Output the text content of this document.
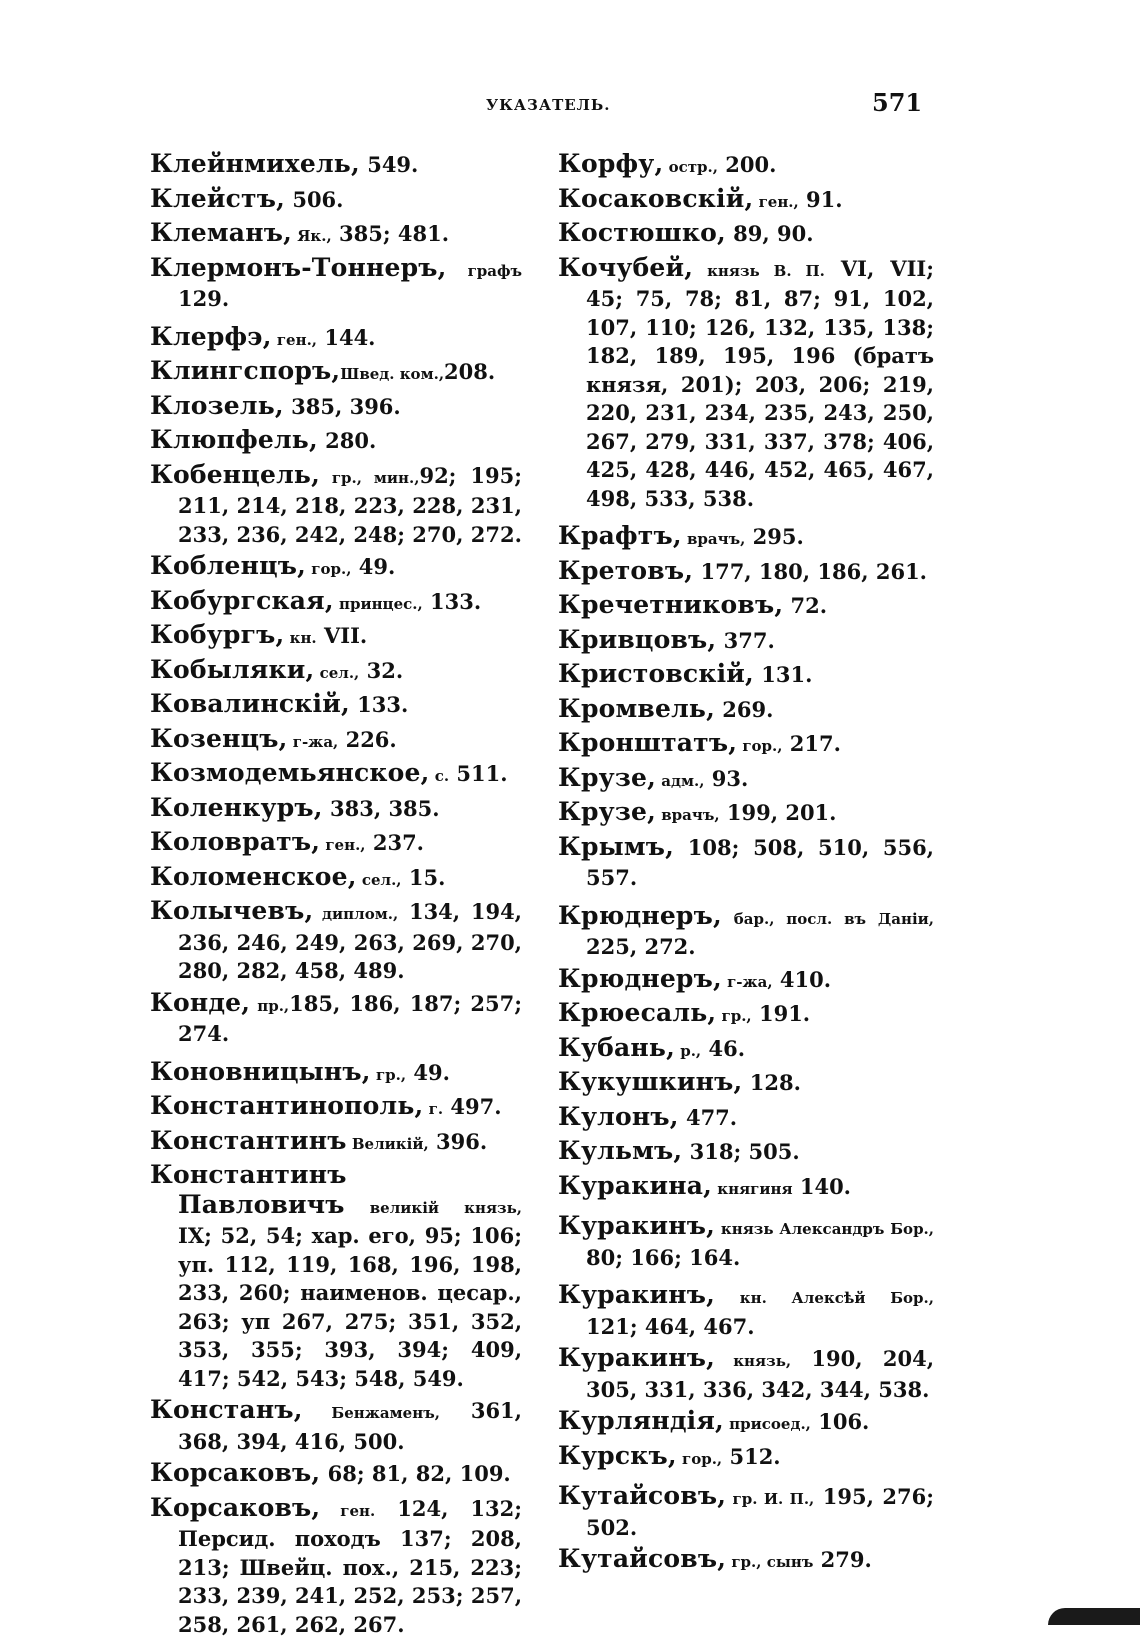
УКАЗАТЕЛЬ.	571

Клейнмихель, 549.

Клейстъ, 506.

Клеманъ, Як., 385; 481.

Клермонъ-Тоннеръ, графъ 129.

Клерфэ, ген., 144.

Клингспоръ,Швед. ком.,208.

Клозель, 385, 396.

Клюпфель, 280.

Кобенцель, гр., мин.,92; 195; 211, 214, 218, 223, 228, 231, 233, 236, 242, 248; 270, 272.

Кобленцъ, гор., 49.

Кобургская, принцес., 133.

Кобургъ, кн. VII.

Кобыляки, сел., 32.

Ковалинскій, 133.

Козенцъ, г-жа, 226.

Козмодемьянское, с. 511.

Коленкуръ, 383, 385.

Коловратъ, ген., 237.

Коломенское, сел., 15.

Колычевъ, диплом., 134, 194, 236, 246, 249, 263, 269, 270, 280, 282, 458, 489.

Конде, пр.,185, 186, 187; 257; 274.

Коновницынъ, гр., 49.

Константинополь, г. 497.

Константинъ Великій, 396.

Константинъ Павловичъ великій князь, IX; 52, 54; хар. его, 95; 106; уп. 112, 119, 168, 196, 198, 233, 260; наименов. цесар., 263; уп 267, 275; 351, 352, 353, 355; 393, 394; 409, 417; 542, 543; 548, 549.

Констанъ, Бенжаменъ, 361, 368, 394, 416, 500.

Корсаковъ, 68; 81, 82, 109.

Корсаковъ, ген. 124, 132; Персид. походъ 137; 208, 213; Швейц. пох., 215, 223; 233, 239, 241, 252, 253; 257, 258, 261, 262, 267.

Корфу, остр., 200.

Косаковскій, ген., 91.

Костюшко, 89, 90.

Кочубей, князь В. П. VI, VII; 45; 75, 78; 81, 87; 91, 102, 107, 110; 126, 132, 135, 138; 182, 189, 195, 196 (братъ князя, 201); 203, 206; 219, 220, 231, 234, 235, 243, 250, 267, 279, 331, 337, 378; 406, 425, 428, 446, 452, 465, 467, 498, 533, 538.

Крафтъ, врачъ, 295.

Кретовъ, 177, 180, 186, 261.

Кречетниковъ, 72.

Кривцовъ, 377.

Кристовскій, 131.

Кромвель, 269.

Кронштатъ, гор., 217.

Крузе, адм., 93.

Крузе, врачъ, 199, 201.

Крымъ, 108; 508, 510, 556, 557.

Крюднеръ, бар., посл. въ Даніи, 225, 272.

Крюднеръ, г-жа, 410.

Крюесаль, гр., 191.

Кубань, р., 46.

Кукушкинъ, 128.

Кулонъ, 477.

Кульмъ, 318; 505.

Куракина, княгиня 140.

Куракинъ, князь Александръ Бор., 80; 166; 164.

Куракинъ, кн. Алексѣй Бор., 121; 464, 467.

Куракинъ, князь, 190, 204, 305, 331, 336, 342, 344, 538.

Курляндія, присоед., 106.

Курскъ, гор., 512.

Кутайсовъ, гр. И. П., 195, 276; 502.

Кутайсовъ, гр., сынъ 279.
